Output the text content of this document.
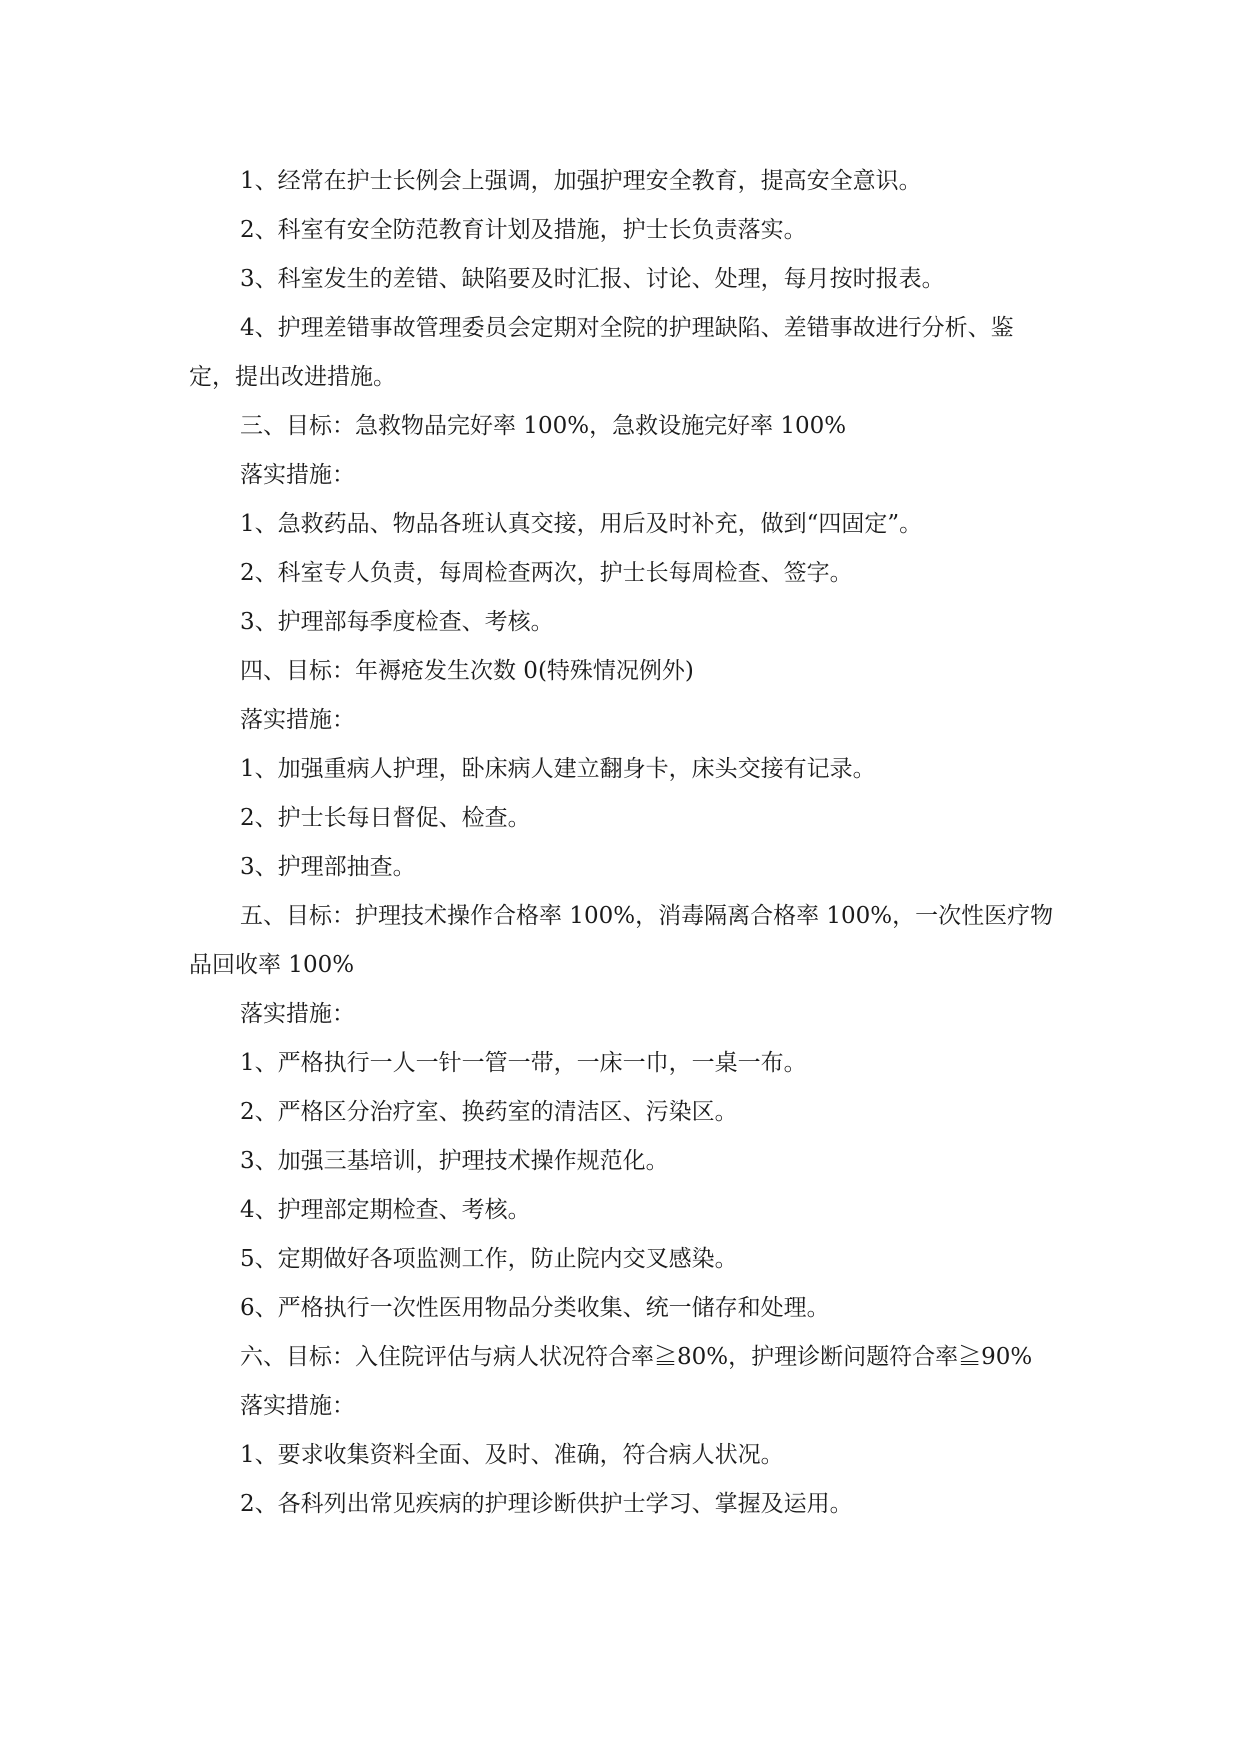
1、经常在护士长例会上强调，加强护理安全教育，提高安全意识。

2、科室有安全防范教育计划及措施，护士长负责落实。

3、科室发生的差错、缺陷要及时汇报、讨论、处理，每月按时报表。

4、护理差错事故管理委员会定期对全院的护理缺陷、差错事故进行分析、鉴定，提出改进措施。

三、目标：急救物品完好率 100%，急救设施完好率 100%

落实措施：

1、急救药品、物品各班认真交接，用后及时补充，做到“四固定”。

2、科室专人负责，每周检查两次，护士长每周检查、签字。

3、护理部每季度检查、考核。

四、目标：年褥疮发生次数 0(特殊情况例外)

落实措施：

1、加强重病人护理，卧床病人建立翻身卡，床头交接有记录。

2、护士长每日督促、检查。

3、护理部抽查。

五、目标：护理技术操作合格率 100%，消毒隔离合格率 100%，一次性医疗物品回收率 100%

落实措施：

1、严格执行一人一针一管一带，一床一巾，一桌一布。

2、严格区分治疗室、换药室的清洁区、污染区。

3、加强三基培训，护理技术操作规范化。

4、护理部定期检查、考核。

5、定期做好各项监测工作，防止院内交叉感染。

6、严格执行一次性医用物品分类收集、统一储存和处理。

六、目标：入住院评估与病人状况符合率≧80%，护理诊断问题符合率≧90%

落实措施：

1、要求收集资料全面、及时、准确，符合病人状况。

2、各科列出常见疾病的护理诊断供护士学习、掌握及运用。
